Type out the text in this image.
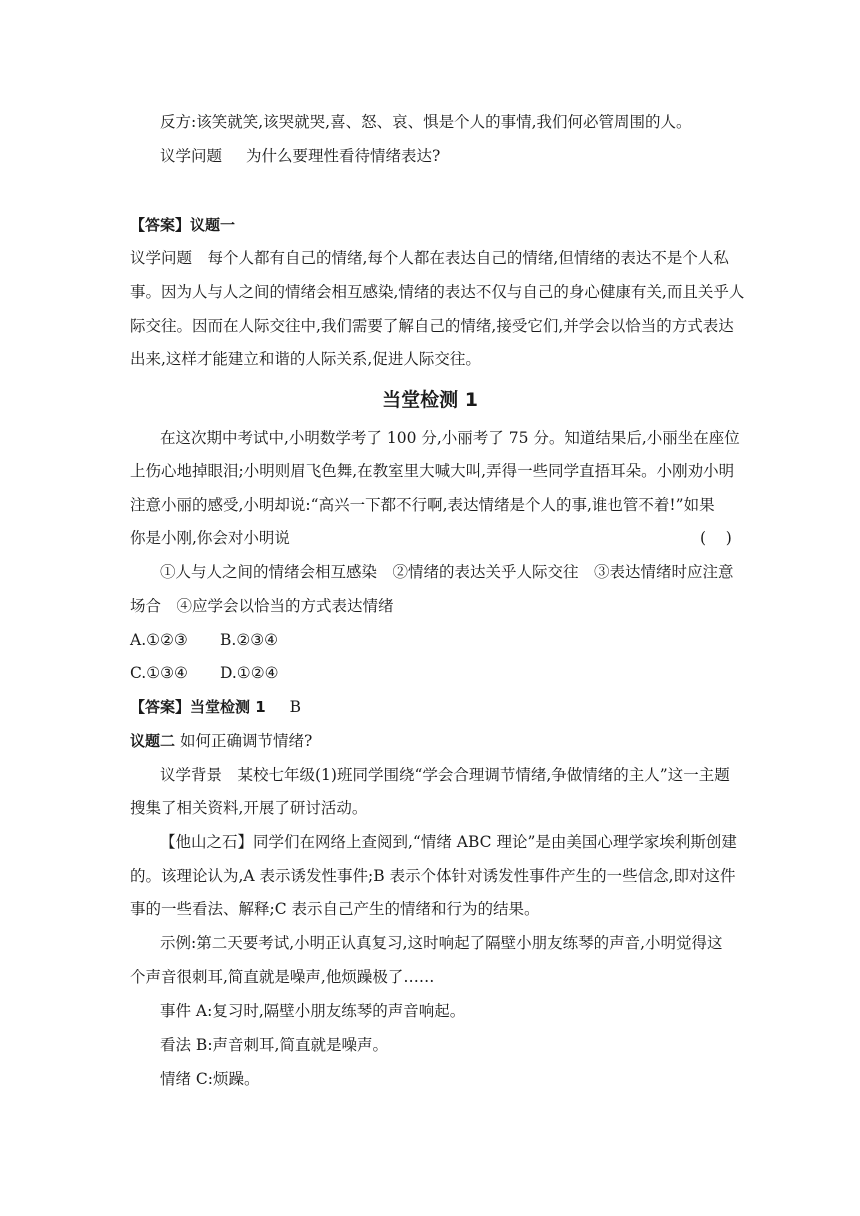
反方:该笑就笑,该哭就哭,喜、怒、哀、惧是个人的事情,我们何必管周围的人。
议学问题 为什么要理性看待情绪表达?
【答案】议题一
议学问题　每个人都有自己的情绪,每个人都在表达自己的情绪,但情绪的表达不是个人私
事。因为人与人之间的情绪会相互感染,情绪的表达不仅与自己的身心健康有关,而且关乎人
际交往。因而在人际交往中,我们需要了解自己的情绪,接受它们,并学会以恰当的方式表达
出来,这样才能建立和谐的人际关系,促进人际交往。
当堂检测 1
在这次期中考试中,小明数学考了 100 分,小丽考了 75 分。知道结果后,小丽坐在座位
上伤心地掉眼泪;小明则眉飞色舞,在教室里大喊大叫,弄得一些同学直捂耳朵。小刚劝小明
注意小丽的感受,小明却说:“高兴一下都不行啊,表达情绪是个人的事,谁也管不着!”如果
你是小刚,你会对小明说	(    )
①人与人之间的情绪会相互感染　②情绪的表达关乎人际交往　③表达情绪时应注意
场合　④应学会以恰当的方式表达情绪
A.①②③ B.②③④
C.①③④ D.①②④
【答案】当堂检测 1 B
议题二 如何正确调节情绪?
议学背景　某校七年级(1)班同学围绕“学会合理调节情绪,争做情绪的主人”这一主题
搜集了相关资料,开展了研讨活动。
【他山之石】同学们在网络上查阅到,“情绪 ABC 理论”是由美国心理学家埃利斯创建
的。该理论认为,A 表示诱发性事件;B 表示个体针对诱发性事件产生的一些信念,即对这件
事的一些看法、解释;C 表示自己产生的情绪和行为的结果。
示例:第二天要考试,小明正认真复习,这时响起了隔壁小朋友练琴的声音,小明觉得这
个声音很刺耳,简直就是噪声,他烦躁极了……
事件 A:复习时,隔壁小朋友练琴的声音响起。
看法 B:声音刺耳,简直就是噪声。
情绪 C:烦躁。
